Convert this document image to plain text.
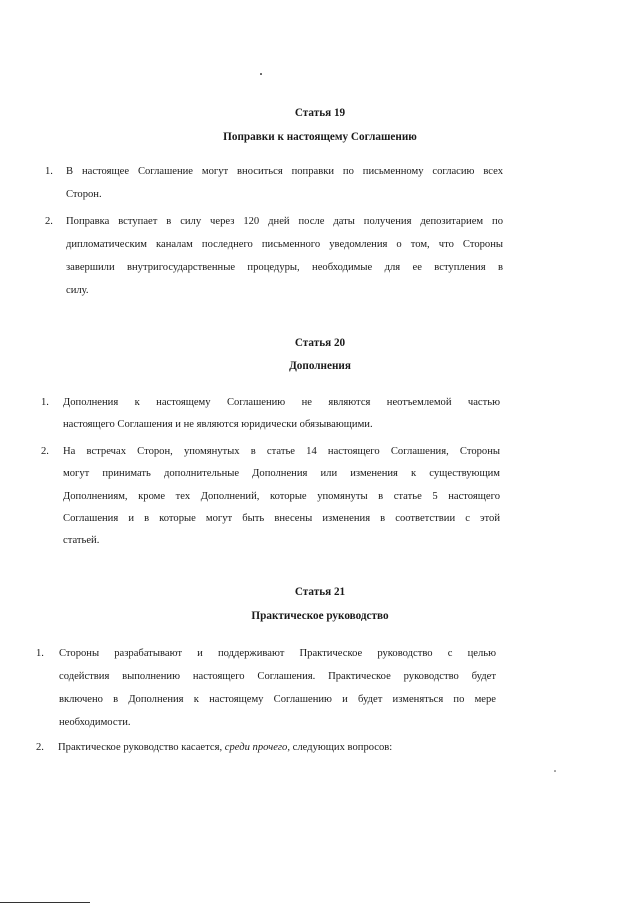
Статья 19
Поправки к настоящему Соглашению
1. В настоящее Соглашение могут вноситься поправки по письменному согласию всех
Сторон.
2. Поправка вступает в силу через 120 дней после даты получения депозитарием по
дипломатическим каналам последнего письменного уведомления о том, что Стороны
завершили внутригосударственные процедуры, необходимые для ее вступления в
силу.
Статья 20
Дополнения
1. Дополнения к настоящему Соглашению не являются неотъемлемой частью
настоящего Соглашения и не являются юридически обязывающими.
2. На встречах Сторон, упомянутых в статье 14 настоящего Соглашения, Стороны
могут принимать дополнительные Дополнения или изменения к существующим
Дополнениям, кроме тех Дополнений, которые упомянуты в статье 5 настоящего
Соглашения и в которые могут быть внесены изменения в соответствии с этой
статьей.
Статья 21
Практическое руководство
1. Стороны разрабатывают и поддерживают Практическое руководство с целью
содействия выполнению настоящего Соглашения. Практическое руководство будет
включено в Дополнения к настоящему Соглашению и будет изменяться по мере
необходимости.
2. Практическое руководство касается, среди прочего, следующих вопросов:
